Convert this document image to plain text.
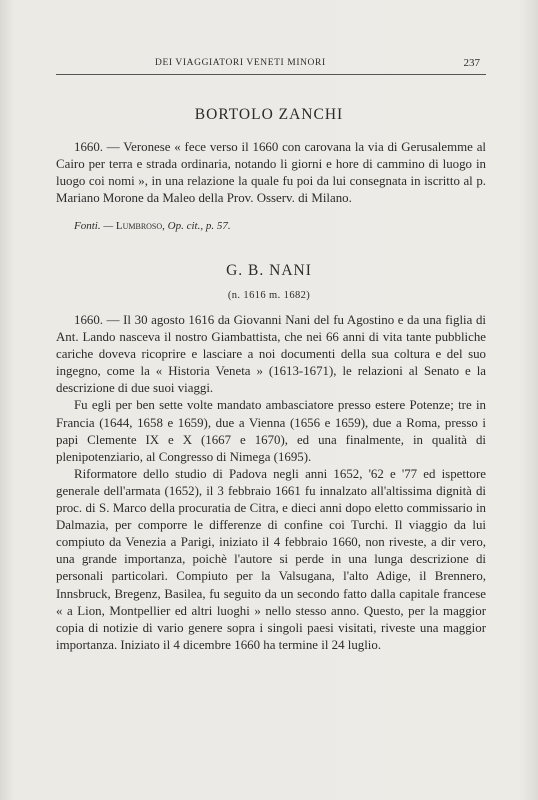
DEI VIAGGIATORI VENETI MINORI	237
BORTOLO ZANCHI

1660. — Veronese « fece verso il 1660 con carovana la via di Gerusalemme al Cairo per terra e strada ordinaria, notando li giorni e hore di cammino di luogo in luogo coi nomi », in una relazione la quale fu poi da lui consegnata in iscritto al p. Mariano Morone da Maleo della Prov. Osserv. di Milano.

Fonti. — Lumbroso, Op. cit., p. 57.
G. B. NANI
(n. 1616 m. 1682)

1660. — Il 30 agosto 1616 da Giovanni Nani del fu Agostino e da una figlia di Ant. Lando nasceva il nostro Giambattista, che nei 66 anni di vita tante pubbliche cariche doveva ricoprire e lasciare a noi documenti della sua coltura e del suo ingegno, come la « Historia Veneta » (1613-1671), le relazioni al Senato e la descrizione di due suoi viaggi.

Fu egli per ben sette volte mandato ambasciatore presso estere Potenze; tre in Francia (1644, 1658 e 1659), due a Vienna (1656 e 1659), due a Roma, presso i papi Clemente IX e X (1667 e 1670), ed una finalmente, in qualità di plenipotenziario, al Congresso di Nimega (1695).

Riformatore dello studio di Padova negli anni 1652, '62 e '77 ed ispettore generale dell'armata (1652), il 3 febbraio 1661 fu innalzato all'altissima dignità di proc. di S. Marco della procuratia de Citra, e dieci anni dopo eletto commissario in Dalmazia, per comporre le differenze di confine coi Turchi. Il viaggio da lui compiuto da Venezia a Parigi, iniziato il 4 febbraio 1660, non riveste, a dir vero, una grande importanza, poichè l'autore si perde in una lunga descrizione di personali particolari. Compiuto per la Valsugana, l'alto Adige, il Brennero, Innsbruck, Bregenz, Basilea, fu seguito da un secondo fatto dalla capitale francese « a Lion, Montpellier ed altri luoghi » nello stesso anno. Questo, per la maggior copia di notizie di vario genere sopra i singoli paesi visitati, riveste una maggior importanza. Iniziato il 4 dicembre 1660 ha termine il 24 luglio.
